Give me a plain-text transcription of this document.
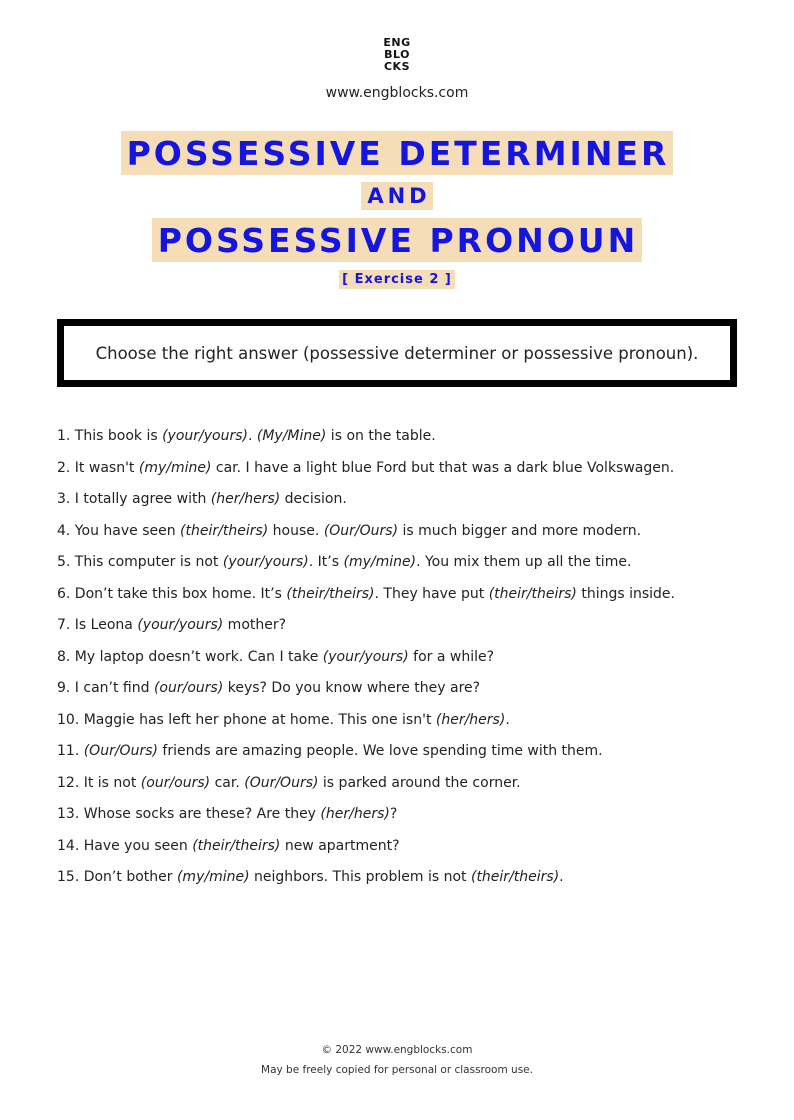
ENG
BLO
CKS
www.engblocks.com
POSSESSIVE DETERMINER
AND
POSSESSIVE PRONOUN
[ Exercise 2 ]
Choose the right answer (possessive determiner or possessive pronoun).
1. This book is (your/yours). (My/Mine) is on the table.
2. It wasn't (my/mine) car. I have a light blue Ford but that was a dark blue Volkswagen.
3. I totally agree with (her/hers) decision.
4. You have seen (their/theirs) house. (Our/Ours) is much bigger and more modern.
5. This computer is not (your/yours). It’s (my/mine). You mix them up all the time.
6. Don’t take this box home. It’s (their/theirs). They have put (their/theirs) things inside.
7. Is Leona (your/yours) mother?
8. My laptop doesn’t work. Can I take (your/yours) for a while?
9. I can’t find (our/ours) keys? Do you know where they are?
10. Maggie has left her phone at home. This one isn't (her/hers).
11. (Our/Ours) friends are amazing people. We love spending time with them.
12. It is not (our/ours) car. (Our/Ours) is parked around the corner.
13. Whose socks are these? Are they (her/hers)?
14. Have you seen (their/theirs) new apartment?
15. Don’t bother (my/mine) neighbors. This problem is not (their/theirs).
© 2022 www.engblocks.com
May be freely copied for personal or classroom use.
